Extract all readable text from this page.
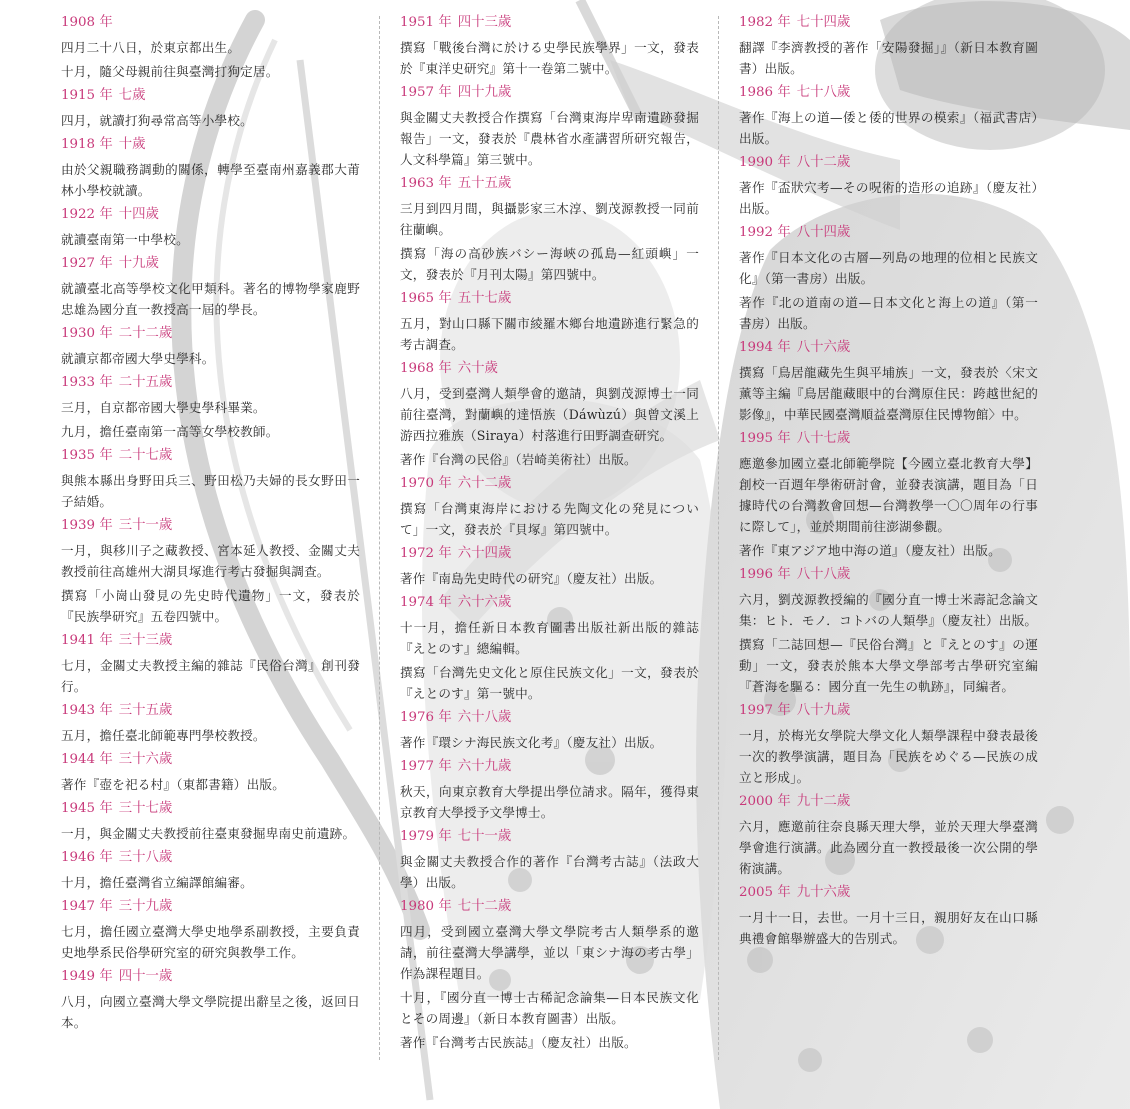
1908 年

四月二十八日，於東京都出生。

十月，隨父母親前往與臺灣打狗定居。

1915 年 七歲

四月，就讀打狗尋常高等小學校。

1918 年 十歲

由於父親職務調動的關係，轉學至臺南州嘉義郡大莆林小學校就讀。

1922 年 十四歲

就讀臺南第一中學校。

1927 年 十九歲

就讀臺北高等學校文化甲類科。著名的博物學家鹿野忠雄為國分直一教授高一屆的學長。

1930 年 二十二歲

就讀京都帝國大學史學科。

1933 年 二十五歲

三月，自京都帝國大學史學科畢業。

九月，擔任臺南第一高等女學校教師。

1935 年 二十七歲

與熊本縣出身野田兵三、野田松乃夫婦的長女野田一子結婚。

1939 年 三十一歲

一月，與移川子之藏教授、宮本延人教授、金關丈夫教授前往高雄州大湖貝塚進行考古發掘與調查。

撰寫「小崗山發見の先史時代遺物」一文，發表於『民族學研究』五卷四號中。

1941 年 三十三歲

七月，金關丈夫教授主編的雜誌『民俗台灣』創刊發行。

1943 年 三十五歲

五月，擔任臺北師範專門學校教授。

1944 年 三十六歲

著作『壺を祀る村』（東都書籍）出版。

1945 年 三十七歲

一月，與金關丈夫教授前往臺東發掘卑南史前遺跡。

1946 年 三十八歲

十月，擔任臺灣省立編譯館編審。

1947 年 三十九歲

七月，擔任國立臺灣大學史地學系副教授，主要負責史地學系民俗學研究室的研究與教學工作。

1949 年 四十一歲

八月，向國立臺灣大學文學院提出辭呈之後，返回日本。

1951 年 四十三歲

撰寫「戰後台灣に於ける史學民族學界」一文，發表於『東洋史研究』第十一卷第二號中。

1957 年 四十九歲

與金關丈夫教授合作撰寫「台灣東海岸卑南遺跡發掘報告」一文，發表於『農林省水產講習所研究報告，人文科學篇』第三號中。

1963 年 五十五歲

三月到四月間，與攝影家三木淳、劉茂源教授一同前往蘭嶼。

撰寫「海の高砂族バシー海峽の孤島—紅頭嶼」一文，發表於『月刊太陽』第四號中。

1965 年 五十七歲

五月，對山口縣下關市綾羅木鄉台地遺跡進行緊急的考古調查。

1968 年 六十歲

八月，受到臺灣人類學會的邀請，與劉茂源博士一同前往臺灣，對蘭嶼的達悟族（Dáwùzú）與曾文溪上游西拉雅族（Siraya）村落進行田野調查研究。

著作『台灣の民俗』（岩崎美術社）出版。

1970 年 六十二歲

撰寫「台灣東海岸における先陶文化の発見について」一文，發表於『貝塚』第四號中。

1972 年 六十四歲

著作『南島先史時代の研究』（慶友社）出版。

1974 年 六十六歲

十一月，擔任新日本教育圖書出版社新出版的雜誌『えとのす』總編輯。

撰寫「台灣先史文化と原住民族文化」一文，發表於『えとのす』第一號中。

1976 年 六十八歲

著作『環シナ海民族文化考』（慶友社）出版。

1977 年 六十九歲

秋天，向東京教育大學提出學位請求。隔年，獲得東京教育大學授予文學博士。

1979 年 七十一歲

與金關丈夫教授合作的著作『台灣考古誌』（法政大學）出版。

1980 年 七十二歲

四月，受到國立臺灣大學文學院考古人類學系的邀請，前往臺灣大學講學，並以「東シナ海の考古學」作為課程題目。

十月，『國分直一博士古稀記念論集—日本民族文化とその周邊』（新日本教育圖書）出版。

著作『台灣考古民族誌』（慶友社）出版。

1982 年 七十四歲

翻譯『李濟教授的著作「安陽發掘」』（新日本教育圖書）出版。

1986 年 七十八歲

著作『海上の道—倭と倭的世界の模索』（福武書店）出版。

1990 年 八十二歲

著作『盃狀穴考—その呪術的造形の追跡』（慶友社）出版。

1992 年 八十四歲

著作『日本文化の古層—列島の地理的位相と民族文化』（第一書房）出版。

著作『北の道南の道—日本文化と海上の道』（第一書房）出版。

1994 年 八十六歲

撰寫「鳥居龍藏先生與平埔族」一文，發表於〈宋文薰等主編『鳥居龍藏眼中的台灣原住民：跨越世紀的影像』，中華民國臺灣順益臺灣原住民博物館〉中。

1995 年 八十七歲

應邀參加國立臺北師範學院【今國立臺北教育大學】創校一百週年學術研討會，並發表演講，題目為「日據時代の台灣教會回想—台灣教學一〇〇周年の行事に際して」，並於期間前往澎湖參觀。

著作『東アジア地中海の道』（慶友社）出版。

1996 年 八十八歲

六月，劉茂源教授編的『國分直一博士米壽記念論文集：ヒト．モノ．コトバの人類學』（慶友社）出版。

撰寫「二誌回想—『民俗台灣』と『えとのす』の運動」一文，發表於熊本大學文學部考古學研究室編『蒼海を驅る：國分直一先生の軌跡』，同編者。

1997 年 八十九歲

一月，於梅光女學院大學文化人類學課程中發表最後一次的教學演講，題目為「民族をめぐる—民族の成立と形成」。

2000 年 九十二歲

六月，應邀前往奈良縣天理大學，並於天理大學臺灣學會進行演講。此為國分直一教授最後一次公開的學術演講。

2005 年 九十六歲

一月十一日，去世。一月十三日，親朋好友在山口縣典禮會館舉辦盛大的告別式。
